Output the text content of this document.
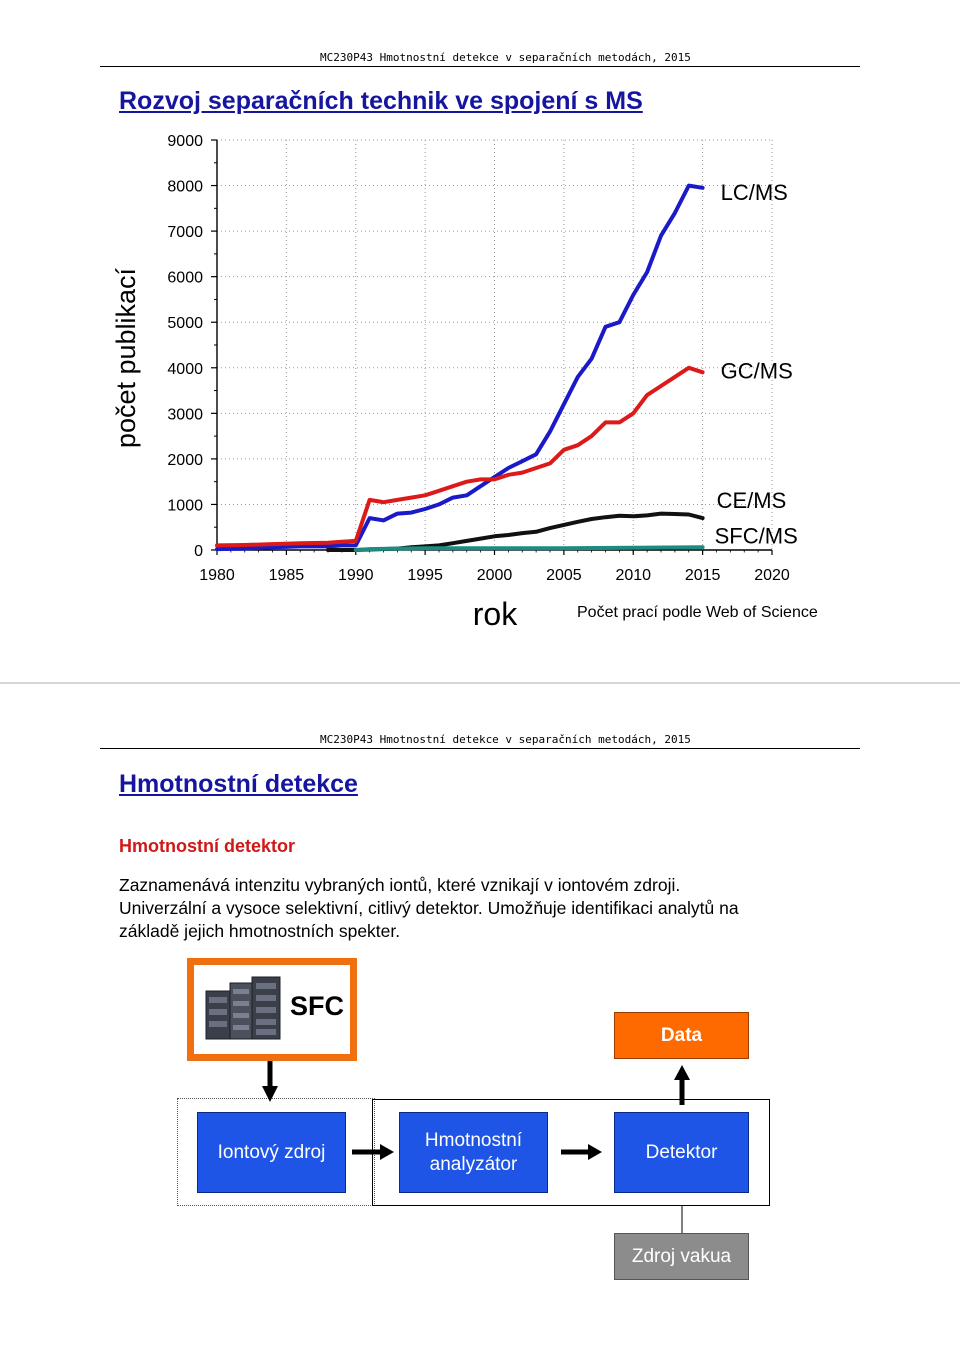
MC230P43 Hmotnostní detekce v separačních metodách, 2015
Rozvoj separačních technik ve spojení s MS
0
1000
2000
3000
4000
5000
6000
7000
8000
9000
1980 1985 1990 1995 2000 2005 2010 2015 2020
LC/MS
GC/MS
CE/MS
SFC/MS
počet publikací
rok	Počet prací podle Web of Science
MC230P43 Hmotnostní detekce v separačních metodách, 2015
Hmotnostní detekce
Hmotnostní detektor
Zaznamenává intenzitu vybraných iontů, které vznikají v iontovém zdroji.
Univerzální a vysoce selektivní, citlivý detektor. Umožňuje identifikaci analytů na
základě jejich hmotnostních spekter.
SFC
Data
Iontový zdroj
Hmotnostní
analyzátor
Detektor
Zdroj vakua
